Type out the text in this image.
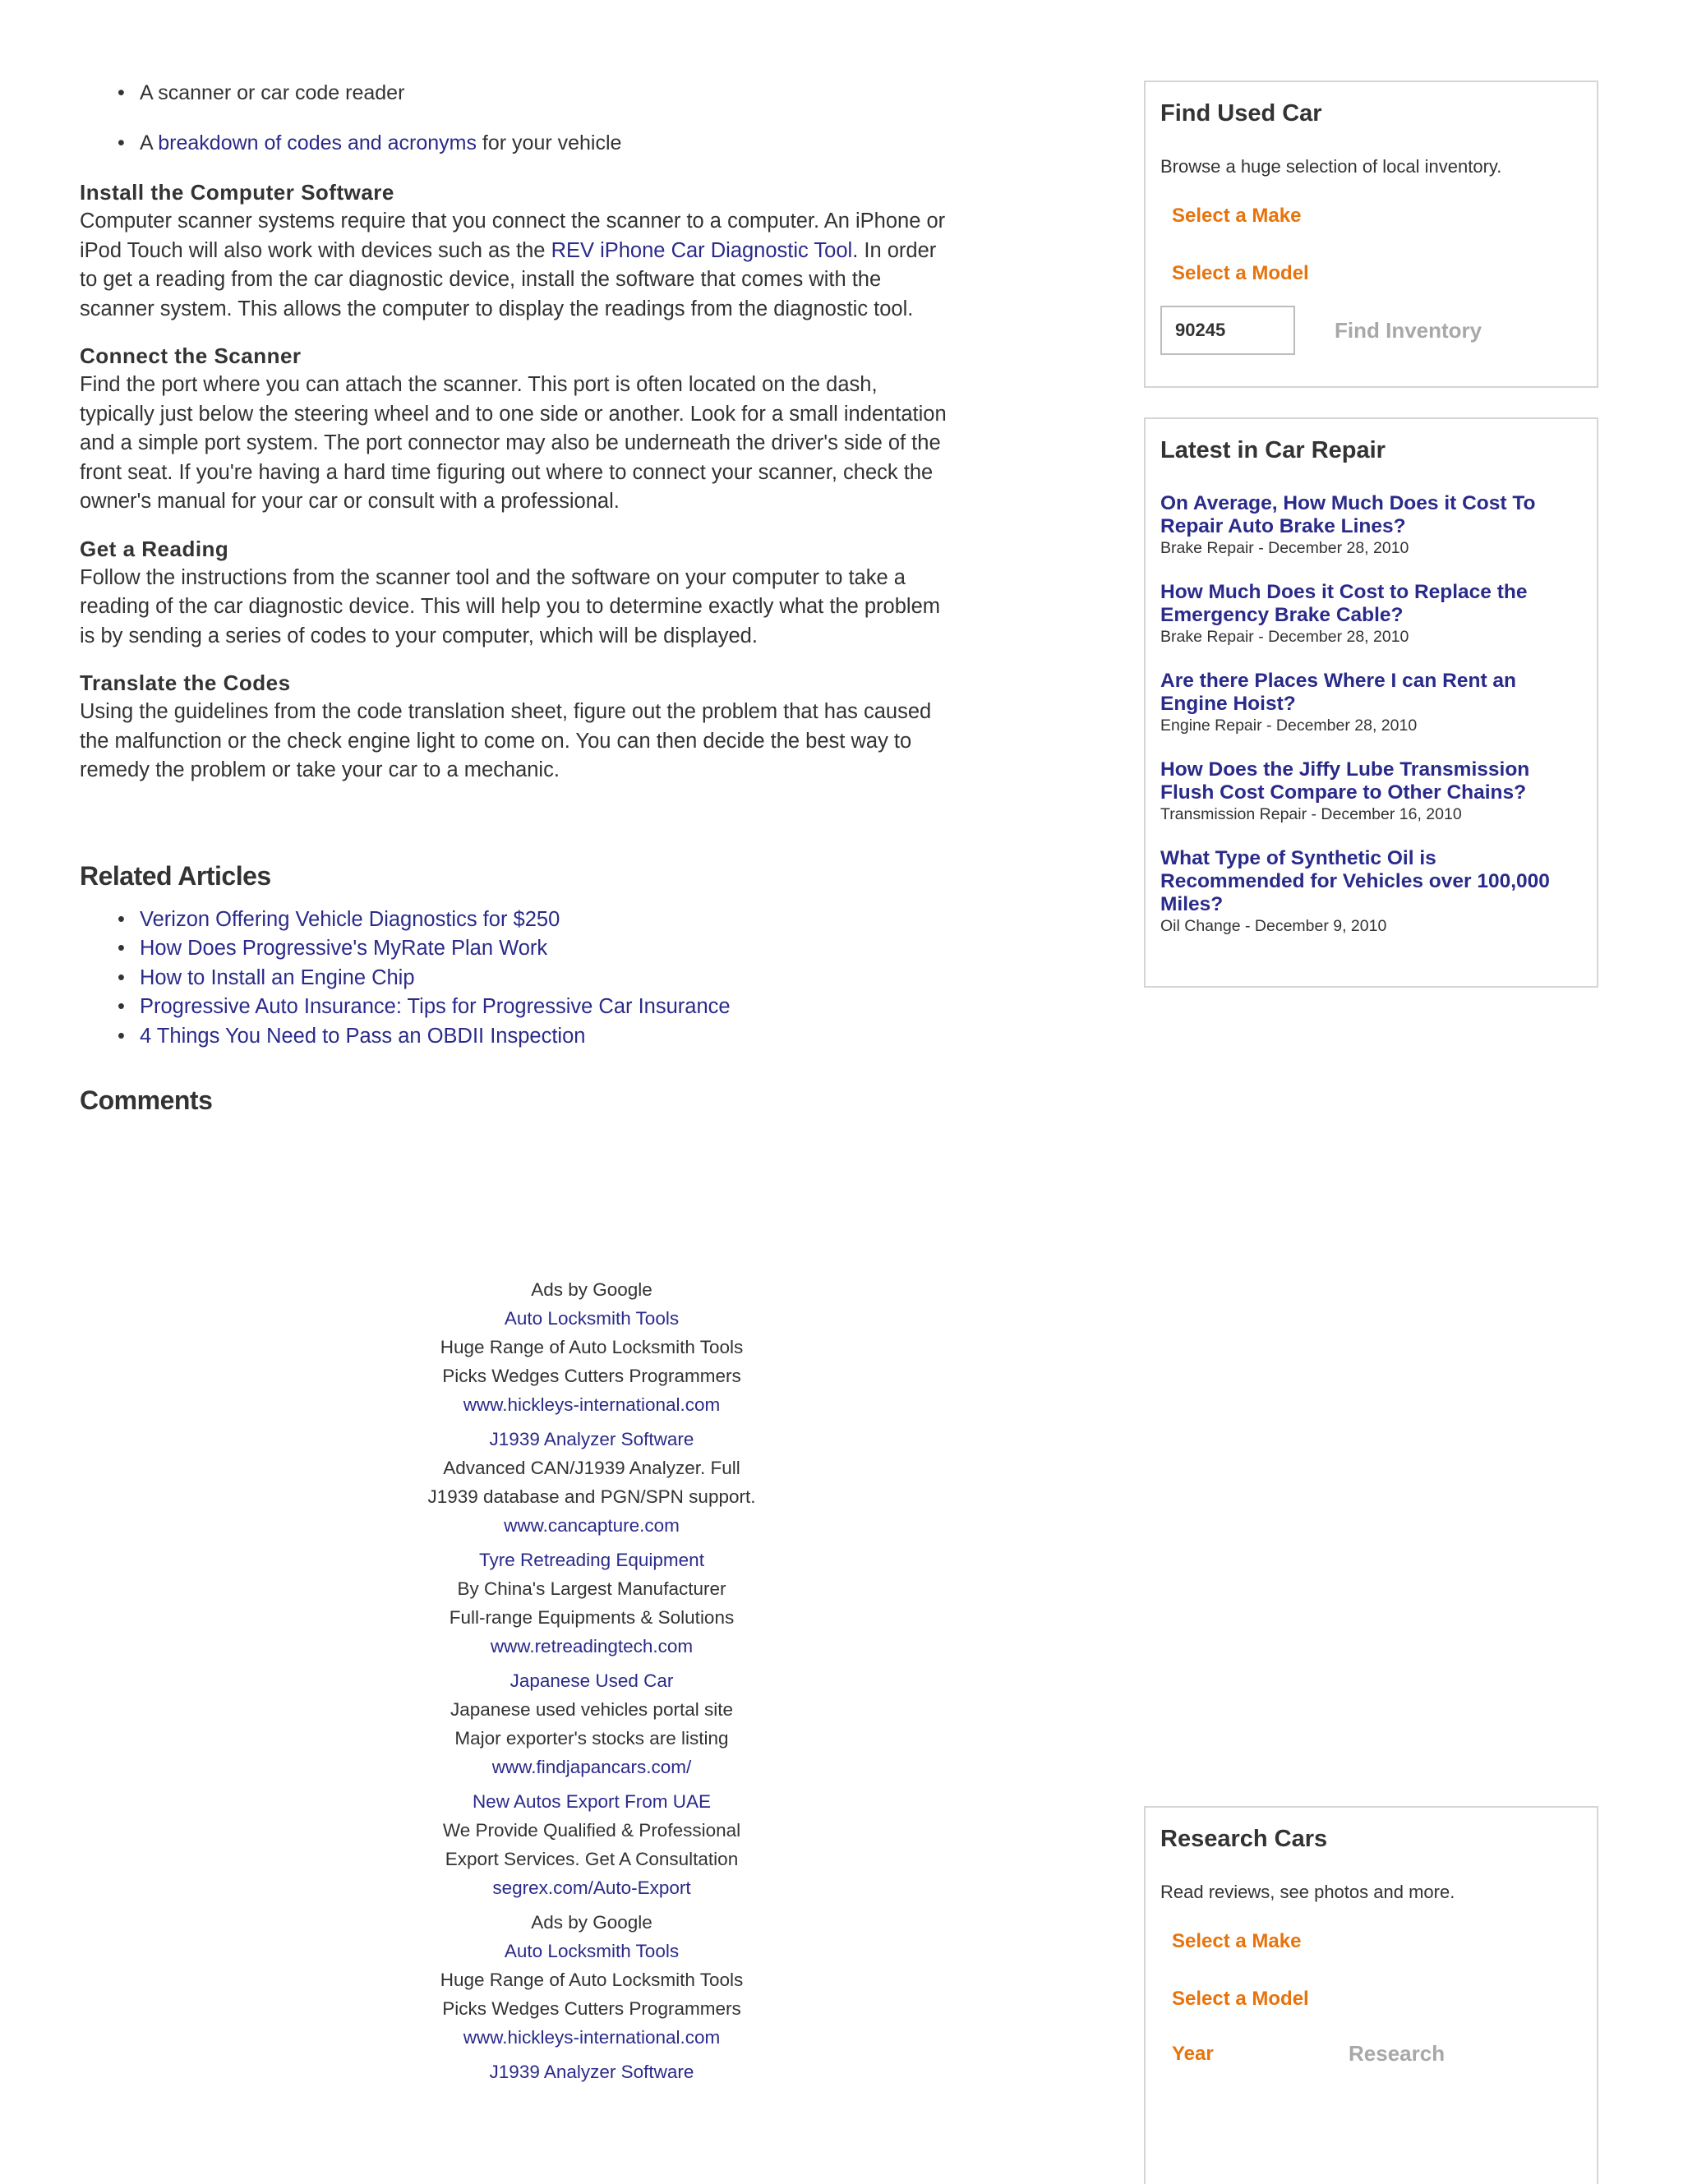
• A scanner or car code reader
• A breakdown of codes and acronyms for your vehicle
Install the Computer Software

Computer scanner systems require that you connect the scanner to a computer. An iPhone or iPod Touch will also work with devices such as the REV iPhone Car Diagnostic Tool. In order to get a reading from the car diagnostic device, install the software that comes with the scanner system. This allows the computer to display the readings from the diagnostic tool.

Connect the Scanner

Find the port where you can attach the scanner. This port is often located on the dash, typically just below the steering wheel and to one side or another. Look for a small indentation and a simple port system. The port connector may also be underneath the driver's side of the front seat. If you're having a hard time figuring out where to connect your scanner, check the owner's manual for your car or consult with a professional.

Get a Reading

Follow the instructions from the scanner tool and the software on your computer to take a reading of the car diagnostic device. This will help you to determine exactly what the problem is by sending a series of codes to your computer, which will be displayed.

Translate the Codes

Using the guidelines from the code translation sheet, figure out the problem that has caused the malfunction or the check engine light to come on. You can then decide the best way to remedy the problem or take your car to a mechanic.

Related Articles
• Verizon Offering Vehicle Diagnostics for $250
• How Does Progressive's MyRate Plan Work
• How to Install an Engine Chip
• Progressive Auto Insurance: Tips for Progressive Car Insurance
• 4 Things You Need to Pass an OBDII Inspection
Comments
Ads by Google
Auto Locksmith Tools
Huge Range of Auto Locksmith Tools
Picks Wedges Cutters Programmers
www.hickleys-international.com
J1939 Analyzer Software
Advanced CAN/J1939 Analyzer. Full
J1939 database and PGN/SPN support.
www.cancapture.com
Tyre Retreading Equipment
By China's Largest Manufacturer
Full-range Equipments & Solutions
www.retreadingtech.com
Japanese Used Car
Japanese used vehicles portal site
Major exporter's stocks are listing
www.findjapancars.com/
New Autos Export From UAE
We Provide Qualified & Professional
Export Services. Get A Consultation
segrex.com/Auto-Export
Ads by Google
Auto Locksmith Tools
Huge Range of Auto Locksmith Tools
Picks Wedges Cutters Programmers
www.hickleys-international.com
J1939 Analyzer Software
Find Used Car
Browse a huge selection of local inventory.
Select a Make
Select a Model
90245	Find Inventory
Latest in Car Repair
On Average, How Much Does it Cost To Repair Auto Brake Lines?
Brake Repair - December 28, 2010
How Much Does it Cost to Replace the Emergency Brake Cable?
Brake Repair - December 28, 2010
Are there Places Where I can Rent an Engine Hoist?
Engine Repair - December 28, 2010
How Does the Jiffy Lube Transmission Flush Cost Compare to Other Chains?
Transmission Repair - December 16, 2010
What Type of Synthetic Oil is Recommended for Vehicles over 100,000 Miles?
Oil Change - December 9, 2010
Research Cars
Read reviews, see photos and more.
Select a Make
Select a Model
Year	Research
